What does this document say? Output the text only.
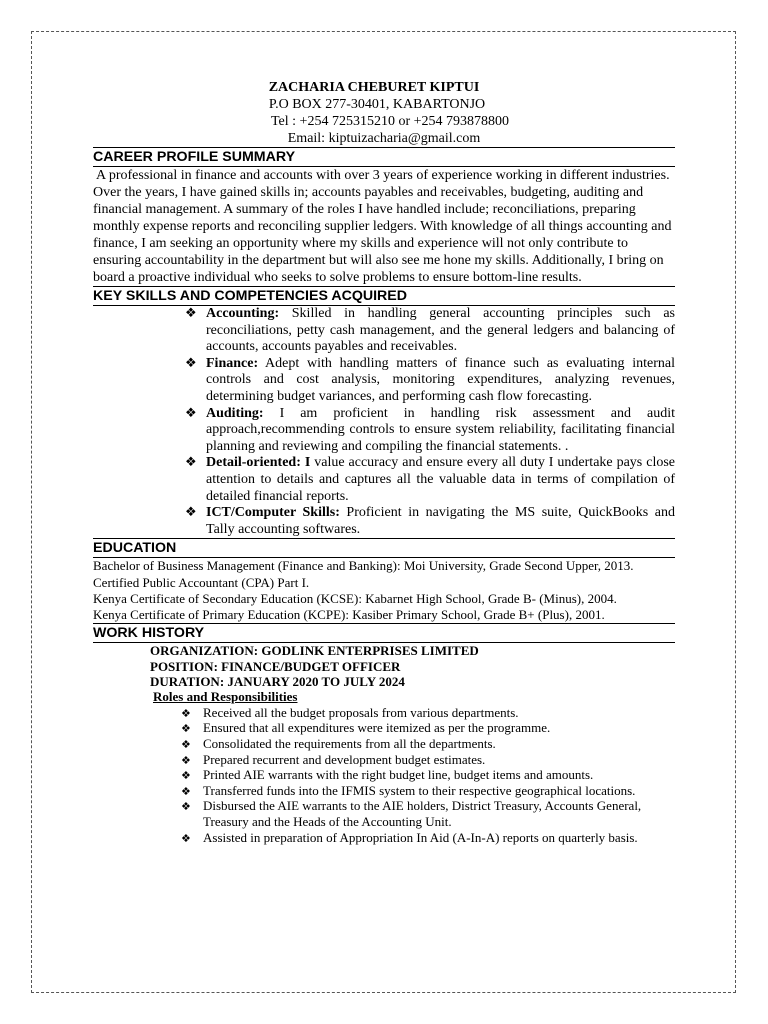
ZACHARIA CHEBURET KIPTUI
P.O BOX 277-30401, KABARTONJO
Tel : +254 725315210 or +254 793878800
Email: kiptuizacharia@gmail.com
CAREER PROFILE SUMMARY
A professional in finance and accounts with over 3 years of experience working in different industries. Over the years, I have gained skills in; accounts payables and receivables, budgeting, auditing and financial management. A summary of the roles I have handled include; reconciliations, preparing monthly expense reports and reconciling supplier ledgers. With knowledge of all things accounting and finance, I am seeking an opportunity where my skills and experience will not only contribute to ensuring accountability in the department but will also see me hone my skills. Additionally, I bring on board a proactive individual who seeks to solve problems to ensure bottom-line results.
KEY SKILLS AND COMPETENCIES ACQUIRED
❖ Accounting: Skilled in handling general accounting principles such as reconciliations, petty cash management, and the general ledgers and balancing of accounts, accounts payables and receivables.
❖ Finance: Adept with handling matters of finance such as evaluating internal controls and cost analysis, monitoring expenditures, analyzing revenues, determining budget variances, and performing cash flow forecasting.
❖ Auditing: I am proficient in handling risk assessment and audit approach,recommending controls to ensure system reliability, facilitating financial planning and reviewing and compiling the financial statements. .
❖ Detail-oriented: I value accuracy and ensure every all duty I undertake pays close attention to details and captures all the valuable data in terms of compilation of detailed financial reports.
❖ ICT/Computer Skills: Proficient in navigating the MS suite, QuickBooks and Tally accounting softwares.
EDUCATION
Bachelor of Business Management (Finance and Banking): Moi University, Grade Second Upper, 2013.
Certified Public Accountant (CPA) Part I.
Kenya Certificate of Secondary Education (KCSE): Kabarnet High School, Grade B- (Minus), 2004.
Kenya Certificate of Primary Education (KCPE): Kasiber Primary School, Grade B+ (Plus), 2001.
WORK HISTORY
ORGANIZATION: GODLINK ENTERPRISES LIMITED
POSITION: FINANCE/BUDGET OFFICER
DURATION: JANUARY 2020 TO JULY 2024
Roles and Responsibilities
❖ Received all the budget proposals from various departments.
❖ Ensured that all expenditures were itemized as per the programme.
❖ Consolidated the requirements from all the departments.
❖ Prepared recurrent and development budget estimates.
❖ Printed AIE warrants with the right budget line, budget items and amounts.
❖ Transferred funds into the IFMIS system to their respective geographical locations.
❖ Disbursed the AIE warrants to the AIE holders, District Treasury, Accounts General, Treasury and the Heads of the Accounting Unit.
❖ Assisted in preparation of Appropriation In Aid (A-In-A) reports on quarterly basis.
